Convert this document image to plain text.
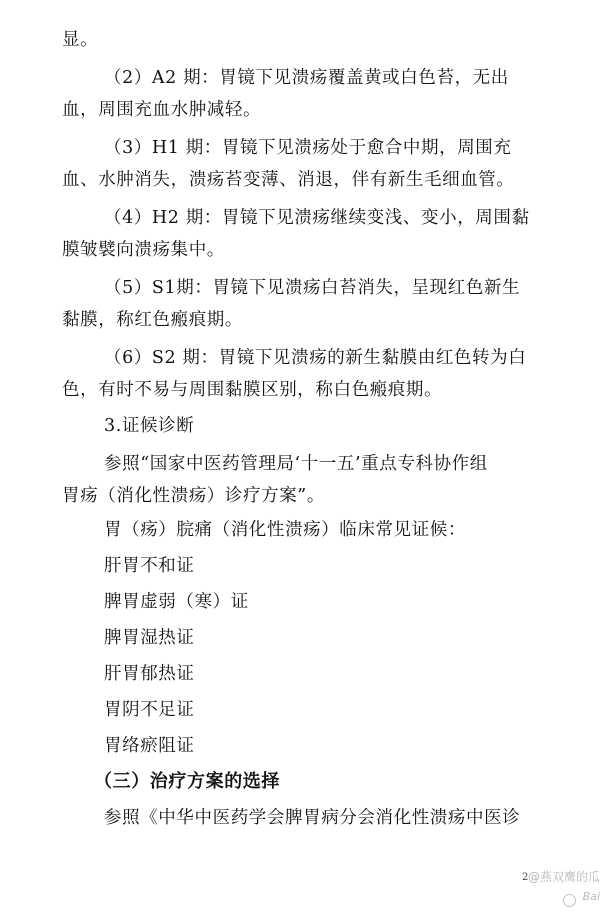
显。
（2）A2 期：胃镜下见溃疡覆盖黄或白色苔，无出
血，周围充血水肿减轻。
（3）H1 期：胃镜下见溃疡处于愈合中期，周围充
血、水肿消失，溃疡苔变薄、消退，伴有新生毛细血管。
（4）H2 期：胃镜下见溃疡继续变浅、变小，周围黏
膜皱襞向溃疡集中。
（5）S1期：胃镜下见溃疡白苔消失，呈现红色新生
黏膜，称红色瘢痕期。
（6）S2 期：胃镜下见溃疡的新生黏膜由红色转为白
色，有时不易与周围黏膜区别，称白色瘢痕期。
3.证候诊断
参照“国家中医药管理局‘十一五’重点专科协作组
胃疡（消化性溃疡）诊疗方案”。
胃（疡）脘痛（消化性溃疡）临床常见证候：
肝胃不和证
脾胃虚弱（寒）证
脾胃湿热证
肝胃郁热证
胃阴不足证
胃络瘀阻证
（三）治疗方案的选择
参照《中华中医药学会脾胃病分会消化性溃疡中医诊
2 @燕双鹰的瓜
Bai
